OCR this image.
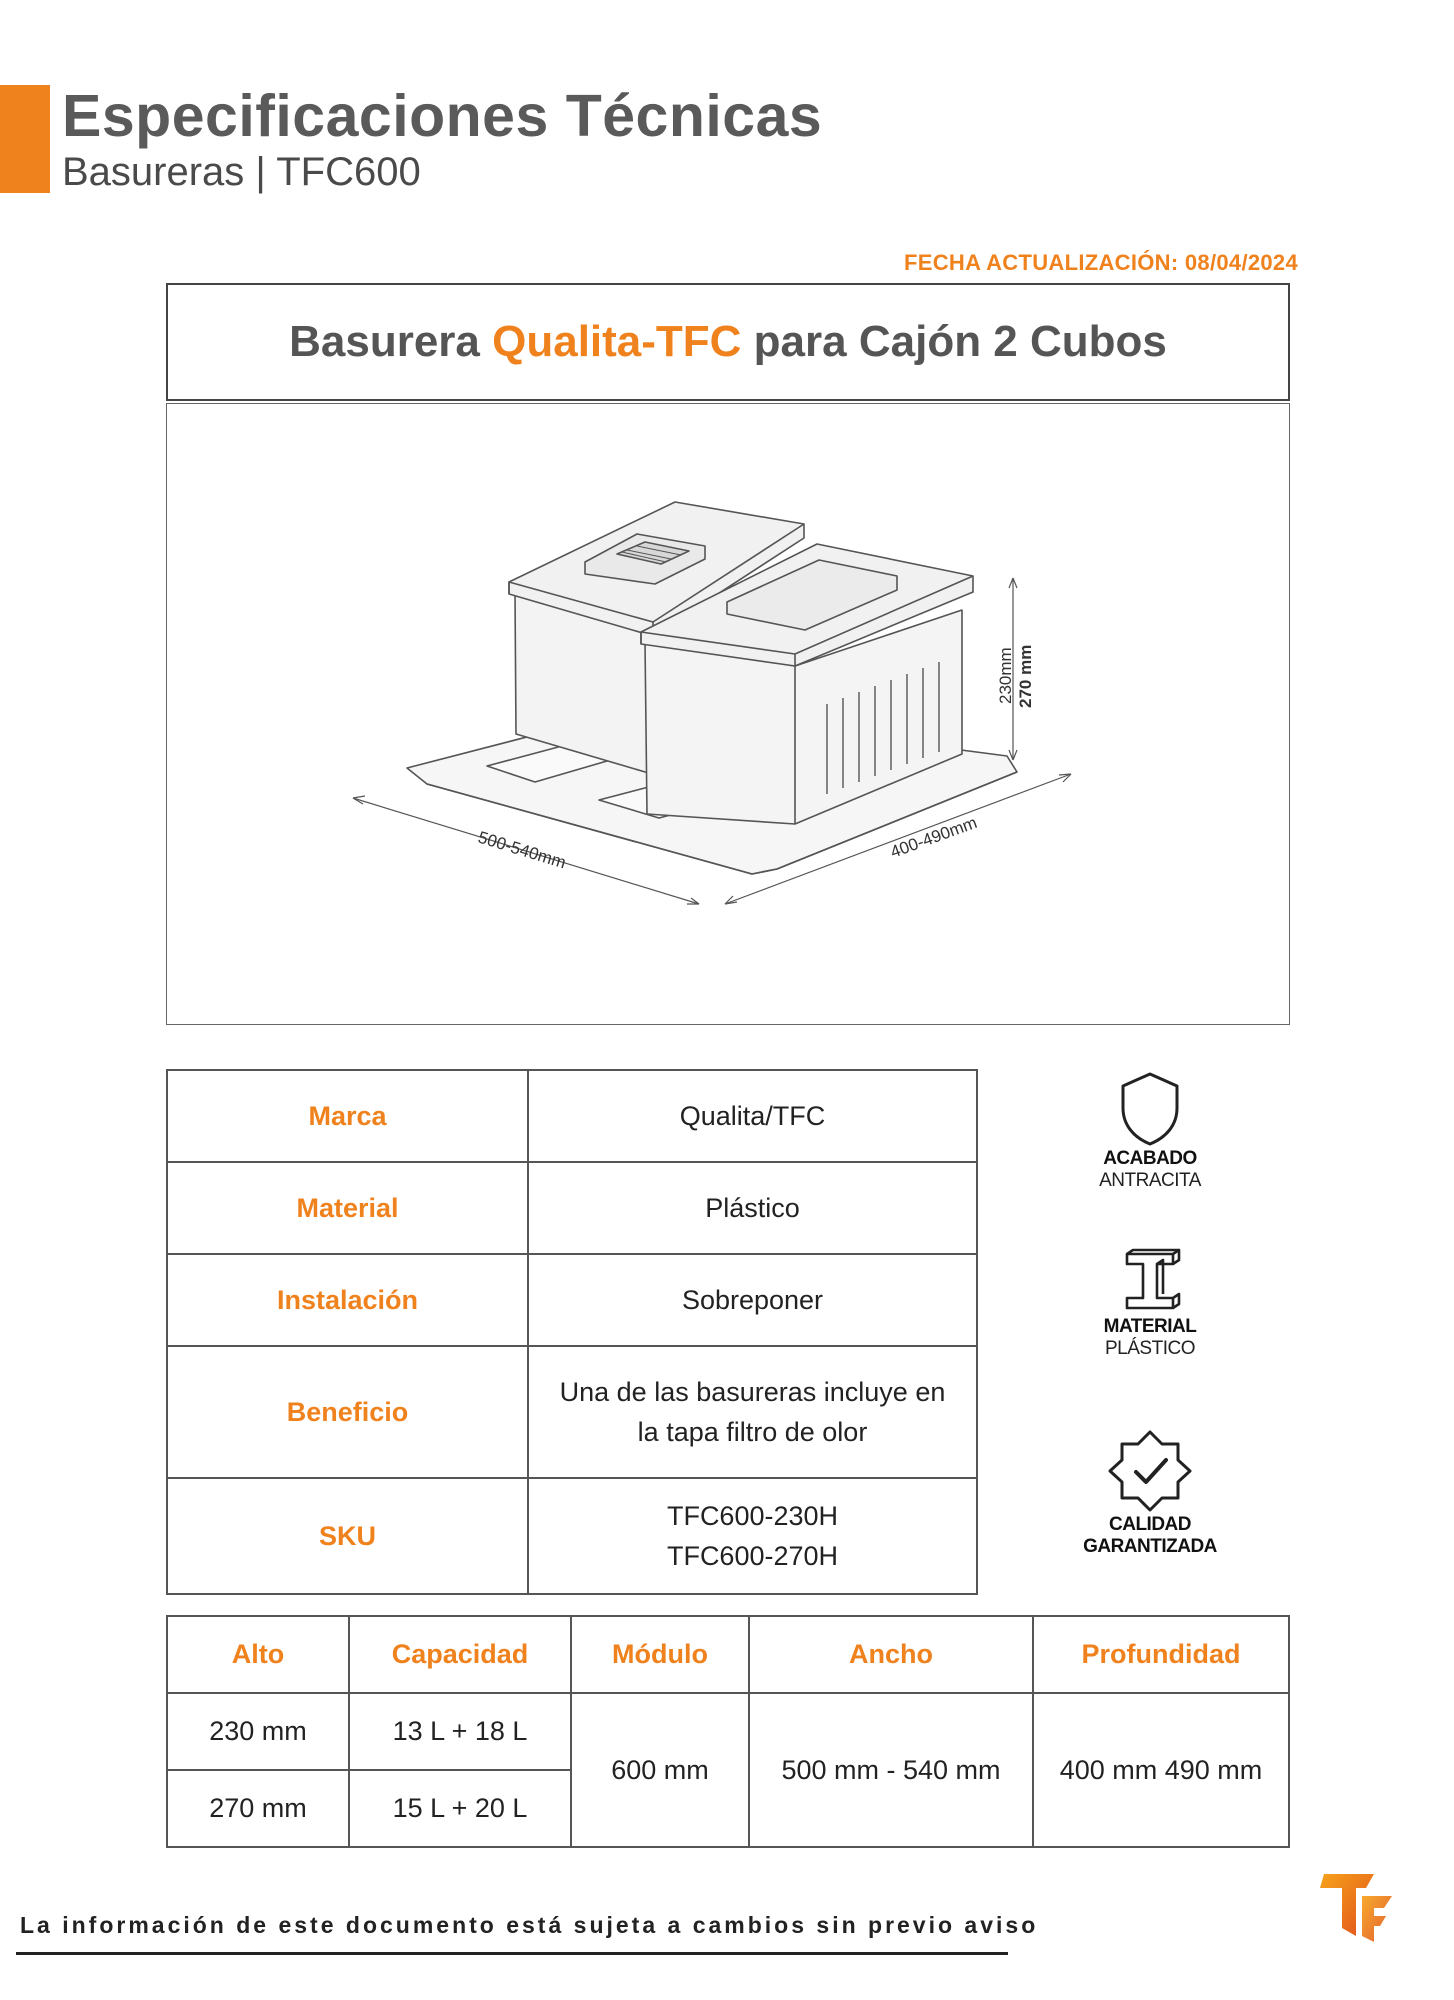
Especificaciones Técnicas
Basureras | TFC600
FECHA ACTUALIZACIÓN: 08/04/2024
Basurera Qualita-TFC para Cajón 2 Cubos
500-540mm	400-490mm
230mm 270 mm
Marca	Qualita/TFC
Material	Plástico
Instalación	Sobreponer
Beneficio	Una de las basureras incluye en la tapa filtro de olor
SKU	TFC600-230H
TFC600-270H
ACABADO
ANTRACITA
MATERIAL
PLÁSTICO
CALIDAD
GARANTIZADA
Alto	Capacidad	Módulo	Ancho	Profundidad
230 mm	13 L + 18 L	600 mm	500 mm - 540 mm	400 mm 490 mm
270 mm	15 L + 20 L			
La información de este documento está sujeta a cambios sin previo aviso
